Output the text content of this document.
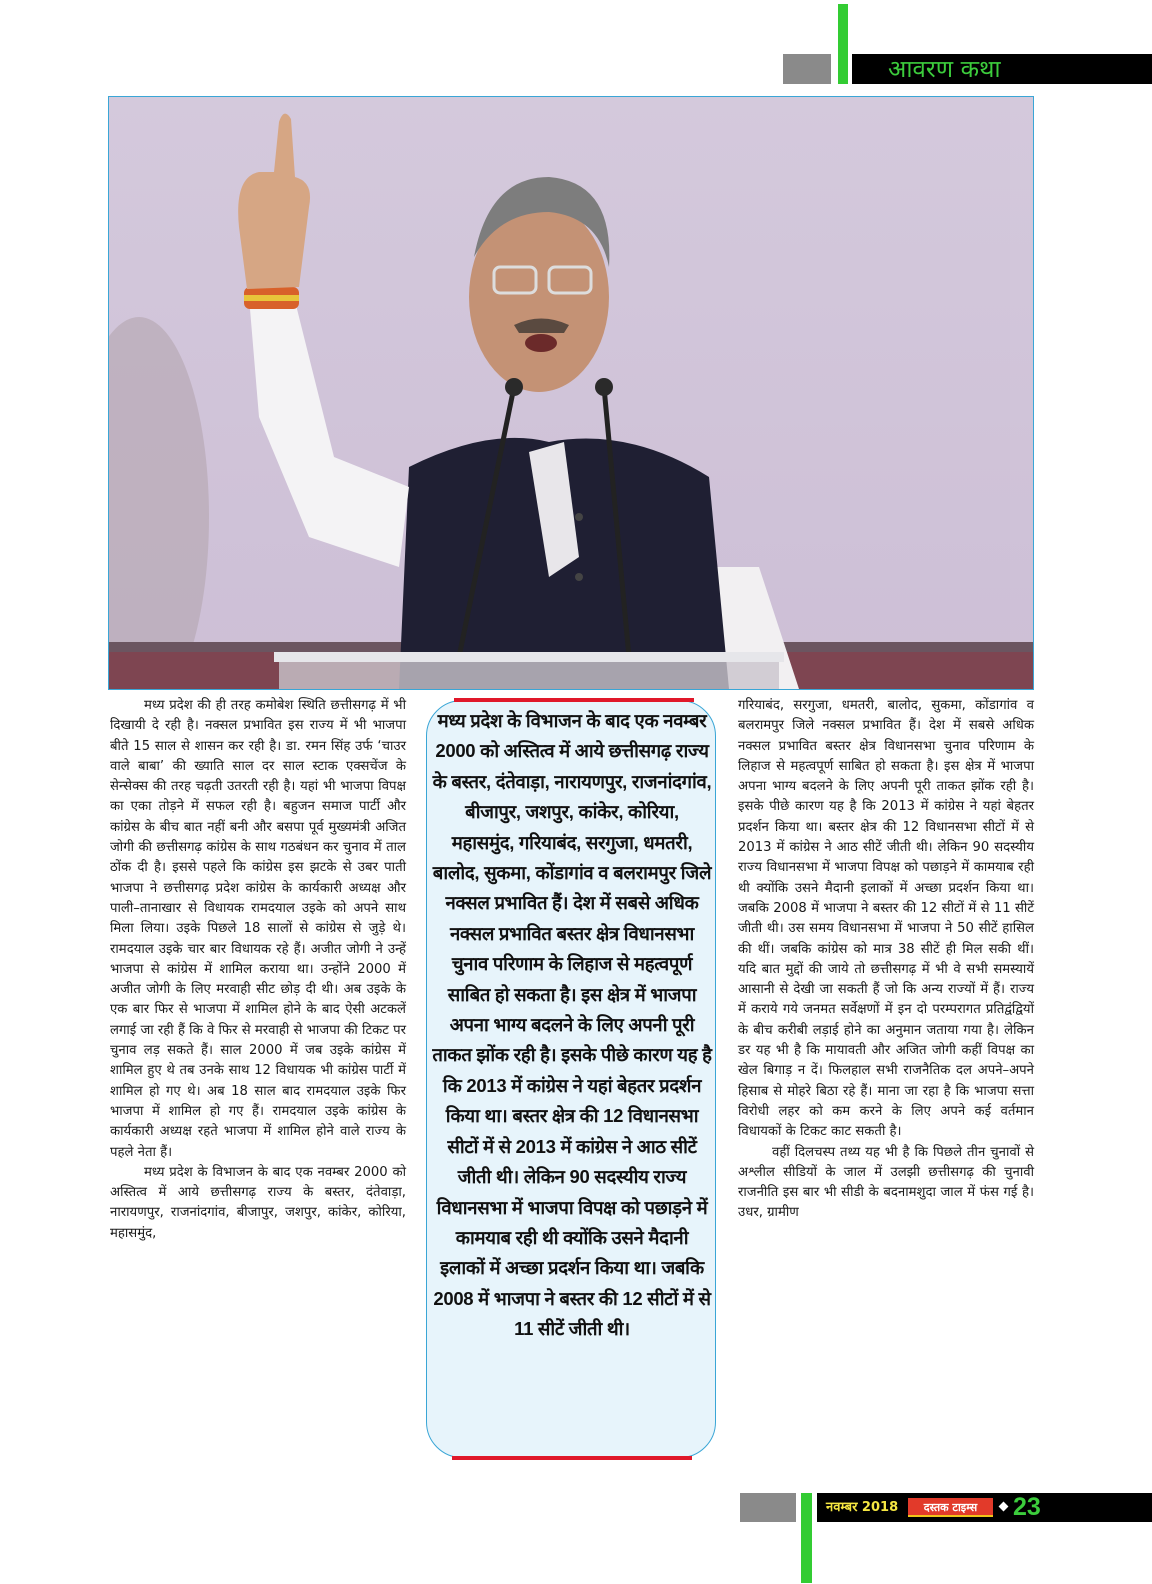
आवरण कथा

मध्य प्रदेश की ही तरह कमोबेश स्थिति छत्तीसगढ़ में भी दिखायी दे रही है। नक्सल प्रभावित इस राज्य में भी भाजपा बीते 15 साल से शासन कर रही है। डा. रमन सिंह उर्फ ‘चाउर वाले बाबा’ की ख्याति साल दर साल स्टाक एक्सचेंज के सेन्सेक्स की तरह चढ़ती उतरती रही है। यहां भी भाजपा विपक्ष का एका तोड़ने में सफल रही है। बहुजन समाज पार्टी और कांग्रेस के बीच बात नहीं बनी और बसपा पूर्व मुख्यमंत्री अजित जोगी की छत्तीसगढ़ कांग्रेस के साथ गठबंधन कर चुनाव में ताल ठोंक दी है। इससे पहले कि कांग्रेस इस झटके से उबर पाती भाजपा ने छत्तीसगढ़ प्रदेश कांग्रेस के कार्यकारी अध्यक्ष और पाली–तानाखार से विधायक रामदयाल उइके को अपने साथ मिला लिया। उइके पिछले 18 सालों से कांग्रेस से जुड़े थे। रामदयाल उइके चार बार विधायक रहे हैं। अजीत जोगी ने उन्हें भाजपा से कांग्रेस में शामिल कराया था। उन्होंने 2000 में अजीत जोगी के लिए मरवाही सीट छोड़ दी थी। अब उइके के एक बार फिर से भाजपा में शामिल होने के बाद ऐसी अटकलें लगाई जा रही हैं कि वे फिर से मरवाही से भाजपा की टिकट पर चुनाव लड़ सकते हैं। साल 2000 में जब उइके कांग्रेस में शामिल हुए थे तब उनके साथ 12 विधायक भी कांग्रेस पार्टी में शामिल हो गए थे। अब 18 साल बाद रामदयाल उइके फिर भाजपा में शामिल हो गए हैं। रामदयाल उइके कांग्रेस के कार्यकारी अध्यक्ष रहते भाजपा में शामिल होने वाले राज्य के पहले नेता हैं।

मध्य प्रदेश के विभाजन के बाद एक नवम्बर 2000 को अस्तित्व में आये छत्तीसगढ़ राज्य के बस्तर, दंतेवाड़ा, नारायणपुर, राजनांदगांव, बीजापुर, जशपुर, कांकेर, कोरिया, महासमुंद,

मध्य प्रदेश के विभाजन के बाद एक नवम्बर 2000 को अस्तित्व में आये छत्तीसगढ़ राज्य के बस्तर, दंतेवाड़ा, नारायणपुर, राजनांदगांव, बीजापुर, जशपुर, कांकेर, कोरिया, महासमुंद, गरियाबंद, सरगुजा, धमतरी, बालोद, सुकमा, कोंडागांव व बलरामपुर जिले नक्सल प्रभावित हैं। देश में सबसे अधिक नक्सल प्रभावित बस्तर क्षेत्र विधानसभा चुनाव परिणाम के लिहाज से महत्वपूर्ण साबित हो सकता है। इस क्षेत्र में भाजपा अपना भाग्य बदलने के लिए अपनी पूरी ताकत झोंक रही है। इसके पीछे कारण यह है कि 2013 में कांग्रेस ने यहां बेहतर प्रदर्शन किया था। बस्तर क्षेत्र की 12 विधानसभा सीटों में से 2013 में कांग्रेस ने आठ सीटें जीती थी। लेकिन 90 सदस्यीय राज्य विधानसभा में भाजपा विपक्ष को पछाड़ने में कामयाब रही थी क्योंकि उसने मैदानी इलाकों में अच्छा प्रदर्शन किया था। जबकि 2008 में भाजपा ने बस्तर की 12 सीटों में से 11 सीटें जीती थी।

गरियाबंद, सरगुजा, धमतरी, बालोद, सुकमा, कोंडागांव व बलरामपुर जिले नक्सल प्रभावित हैं। देश में सबसे अधिक नक्सल प्रभावित बस्तर क्षेत्र विधानसभा चुनाव परिणाम के लिहाज से महत्वपूर्ण साबित हो सकता है। इस क्षेत्र में भाजपा अपना भाग्य बदलने के लिए अपनी पूरी ताकत झोंक रही है। इसके पीछे कारण यह है कि 2013 में कांग्रेस ने यहां बेहतर प्रदर्शन किया था। बस्तर क्षेत्र की 12 विधानसभा सीटों में से 2013 में कांग्रेस ने आठ सीटें जीती थी। लेकिन 90 सदस्यीय राज्य विधानसभा में भाजपा विपक्ष को पछाड़ने में कामयाब रही थी क्योंकि उसने मैदानी इलाकों में अच्छा प्रदर्शन किया था। जबकि 2008 में भाजपा ने बस्तर की 12 सीटों में से 11 सीटें जीती थी। उस समय विधानसभा में भाजपा ने 50 सीटें हासिल की थीं। जबकि कांग्रेस को मात्र 38 सीटें ही मिल सकी थीं। यदि बात मुद्दों की जाये तो छत्तीसगढ़ में भी वे सभी समस्यायें आसानी से देखी जा सकती हैं जो कि अन्य राज्यों में हैं। राज्य में कराये गये जनमत सर्वेक्षणों में इन दो परम्परागत प्रतिद्वंद्वियों के बीच करीबी लड़ाई होने का अनुमान जताया गया है। लेकिन डर यह भी है कि मायावती और अजित जोगी कहीं विपक्ष का खेल बिगाड़ न दें। फिलहाल सभी राजनैतिक दल अपने–अपने हिसाब से मोहरे बिठा रहे हैं। माना जा रहा है कि भाजपा सत्ता विरोधी लहर को कम करने के लिए अपने कई वर्तमान विधायकों के टिकट काट सकती है।

वहीं दिलचस्प तथ्य यह भी है कि पिछले तीन चुनावों से अश्लील सीडियों के जाल में उलझी छत्तीसगढ़ की चुनावी राजनीति इस बार भी सीडी के बदनामशुदा जाल में फंस गई है। उधर, ग्रामीण

नवम्बर 2018	दस्तक टाइम्स	23
